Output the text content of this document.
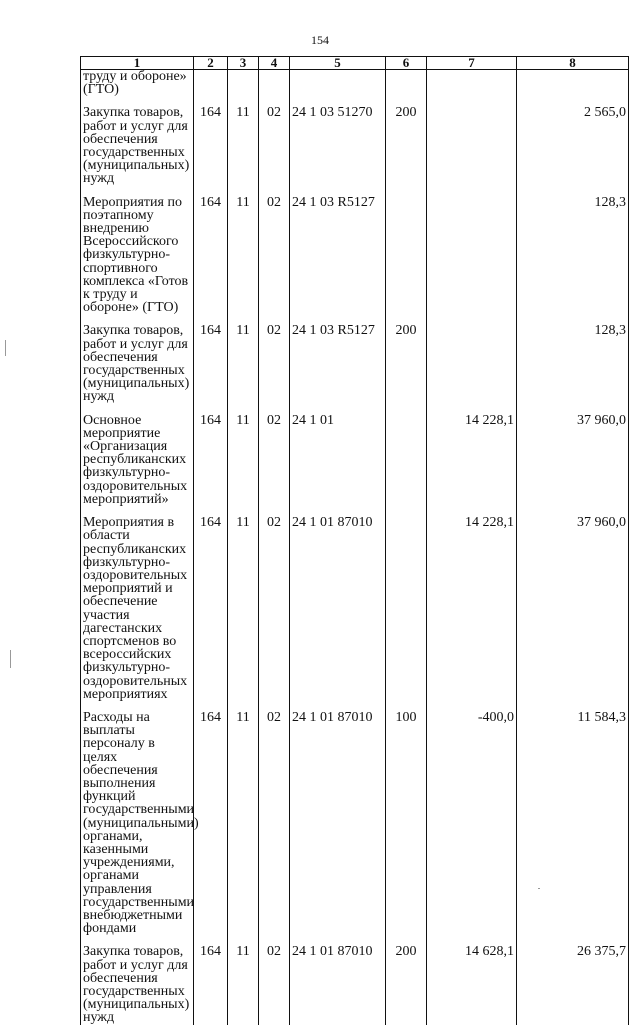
154
1	2	3	4	5	6	7	8
труду и обороне» (ГТО)							

Закупка товаров, работ и услуг для обеспечения государственных (муниципальных) нужд	164	11	02	24 1 03 51270	200		2 565,0

Мероприятия по поэтапному внедрению Всероссийского физкультурно-спортивного комплекса «Готов к труду и обороне» (ГТО)	164	11	02	24 1 03 R5127			128,3

Закупка товаров, работ и услуг для обеспечения государственных (муниципальных) нужд	164	11	02	24 1 03 R5127	200		128,3

Основное мероприятие «Организация республиканских физкультурно-оздоровительных мероприятий»	164	11	02	24 1 01		14 228,1	37 960,0

Мероприятия в области республиканских физкультурно-оздоровительных мероприятий и обеспечение участия дагестанских спортсменов во всероссийских физкультурно-оздоровительных мероприятиях	164	11	02	24 1 01 87010		14 228,1	37 960,0

Расходы на выплаты персоналу в целях обеспечения выполнения функций государственными (муниципальными) органами, казенными учреждениями, органами управления государственными внебюджетными фондами	164	11	02	24 1 01 87010	100	-400,0	11 584,3

Закупка товаров, работ и услуг для обеспечения государственных (муниципальных) нужд	164	11	02	24 1 01 87010	200	14 628,1	26 375,7
